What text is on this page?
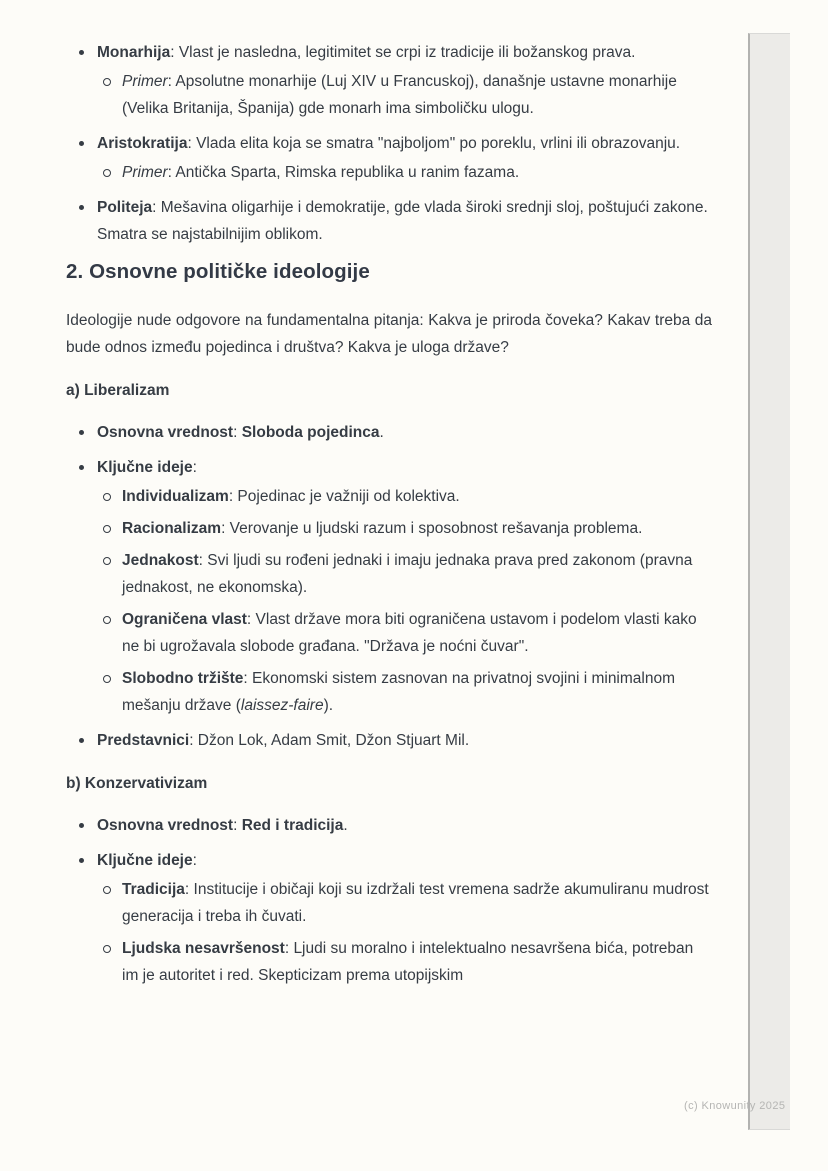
Monarhija: Vlast je nasledna, legitimitet se crpi iz tradicije ili božanskog prava.
Primer: Apsolutne monarhije (Luj XIV u Francuskoj), današnje ustavne monarhije (Velika Britanija, Španija) gde monarh ima simboličku ulogu.
Aristokratija: Vlada elita koja se smatra "najboljom" po poreklu, vrlini ili obrazovanju.
Primer: Antička Sparta, Rimska republika u ranim fazama.
Politeja: Mešavina oligarhije i demokratije, gde vlada široki srednji sloj, poštujući zakone. Smatra se najstabilnijim oblikom.
2. Osnovne političke ideologije

Ideologije nude odgovore na fundamentalna pitanja: Kakva je priroda čoveka? Kakav treba da bude odnos između pojedinca i društva? Kakva je uloga države?

a) Liberalizam

Osnovna vrednost: Sloboda pojedinca.
Ključne ideje:
Individualizam: Pojedinac je važniji od kolektiva.
Racionalizam: Verovanje u ljudski razum i sposobnost rešavanja problema.
Jednakost: Svi ljudi su rođeni jednaki i imaju jednaka prava pred zakonom (pravna jednakost, ne ekonomska).
Ograničena vlast: Vlast države mora biti ograničena ustavom i podelom vlasti kako ne bi ugrožavala slobode građana. "Država je noćni čuvar".
Slobodno tržište: Ekonomski sistem zasnovan na privatnoj svojini i minimalnom mešanju države (laissez-faire).
Predstavnici: Džon Lok, Adam Smit, Džon Stjuart Mil.

b) Konzervativizam

Osnovna vrednost: Red i tradicija.
Ključne ideje:
Tradicija: Institucije i običaji koji su izdržali test vremena sadrže akumuliranu mudrost generacija i treba ih čuvati.
Ljudska nesavršenost: Ljudi su moralno i intelektualno nesavršena bića, potreban im je autoritet i red. Skepticizam prema utopijskim
(c) Knowunity 2025
